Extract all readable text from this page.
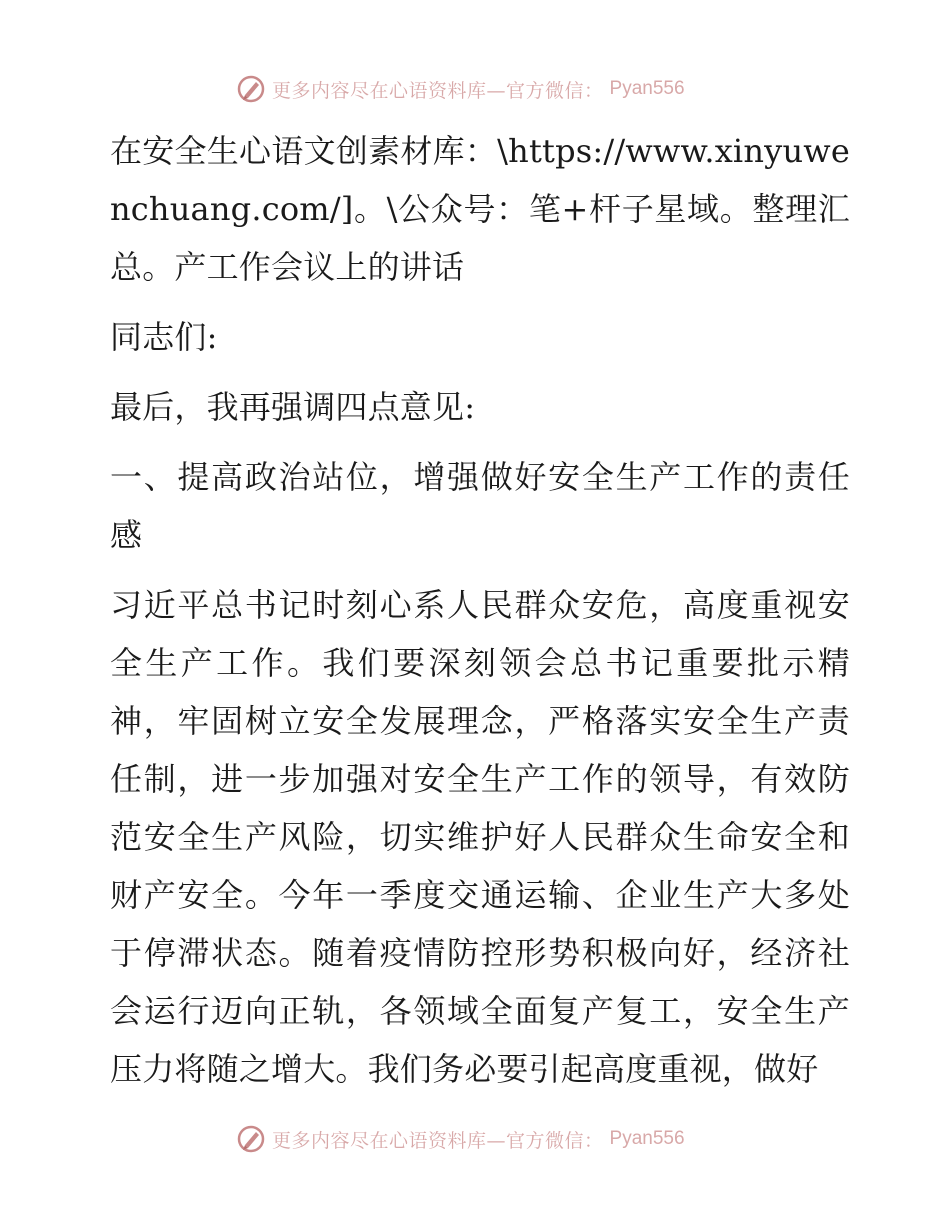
更多内容尽在心语资料库—官方微信： Pyan556

在安全生心语文创素材库：\https://www.xinyuwenchuang.com/]。\公众号：笔+杆子星域。整理汇总。产工作会议上的讲话

同志们:

最后，我再强调四点意见:

一、提高政治站位，增强做好安全生产工作的责任感

习近平总书记时刻心系人民群众安危，高度重视安全生产工作。我们要深刻领会总书记重要批示精神，牢固树立安全发展理念，严格落实安全生产责任制，进一步加强对安全生产工作的领导，有效防范安全生产风险，切实维护好人民群众生命安全和财产安全。今年一季度交通运输、企业生产大多处于停滞状态。随着疫情防控形势积极向好，经济社会运行迈向正轨，各领域全面复产复工，安全生产压力将随之增大。我们务必要引起高度重视，做好

更多内容尽在心语资料库—官方微信： Pyan556
